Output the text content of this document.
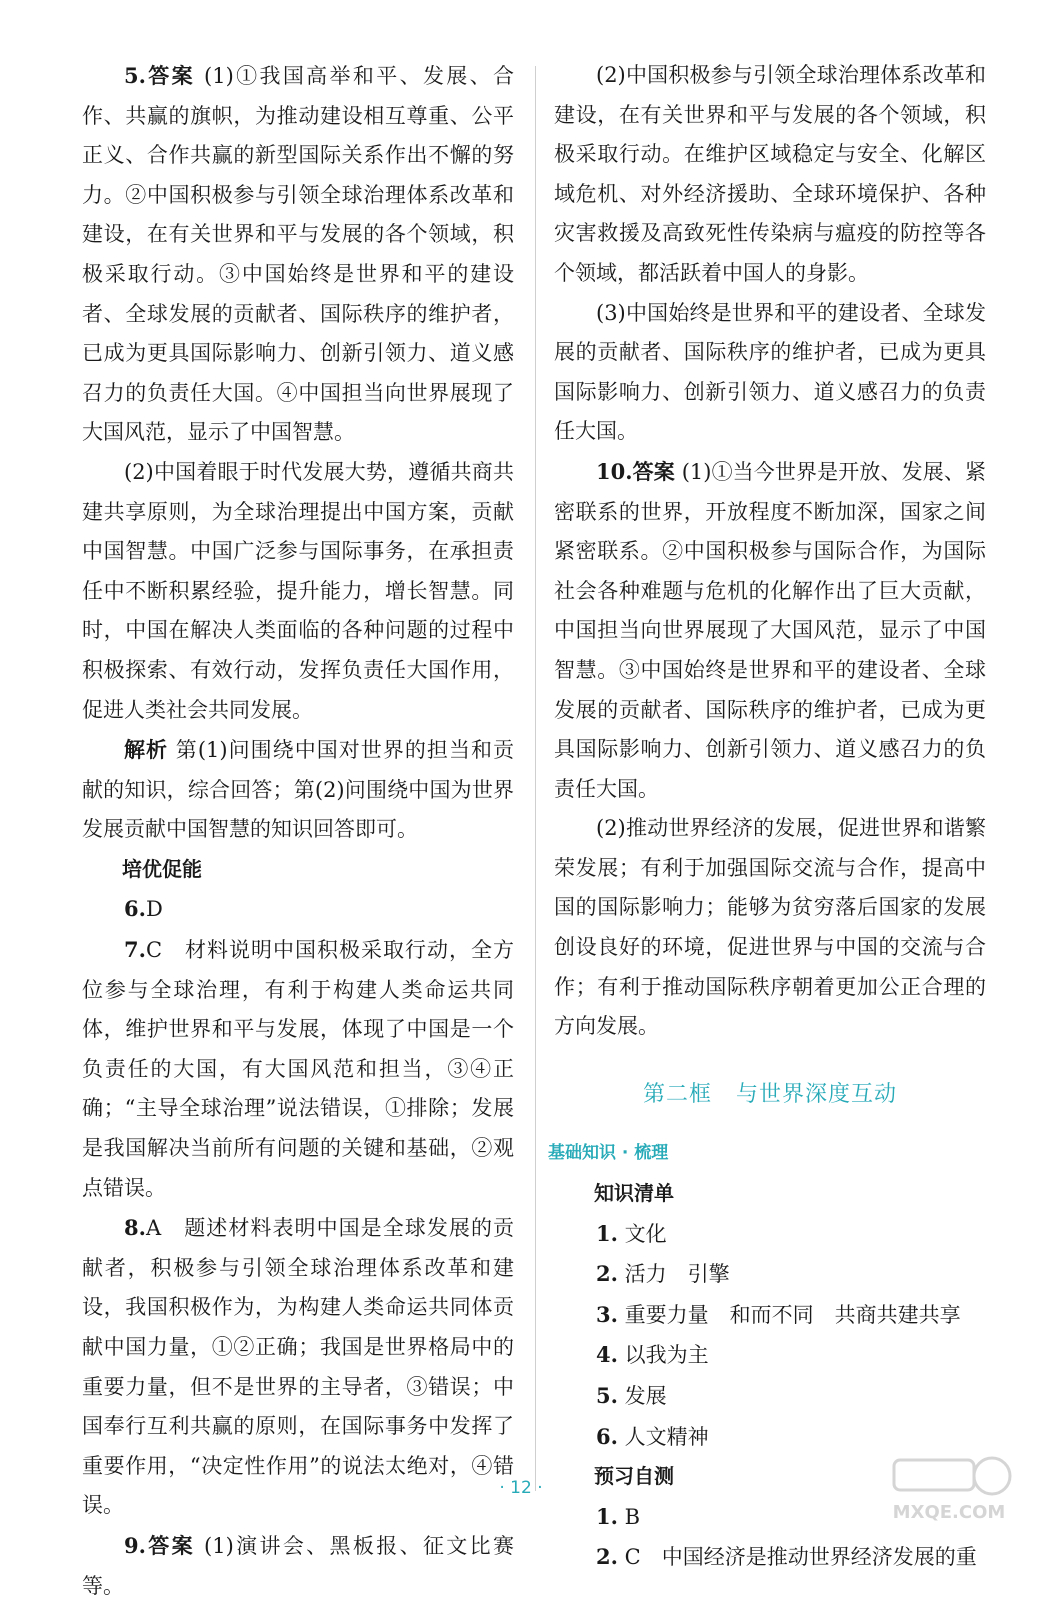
5.答案 (1)①我国高举和平、发展、合作、共赢的旗帜，为推动建设相互尊重、公平正义、合作共赢的新型国际关系作出不懈的努力。②中国积极参与引领全球治理体系改革和建设，在有关世界和平与发展的各个领域，积极采取行动。③中国始终是世界和平的建设者、全球发展的贡献者、国际秩序的维护者，已成为更具国际影响力、创新引领力、道义感召力的负责任大国。④中国担当向世界展现了大国风范，显示了中国智慧。

(2)中国着眼于时代发展大势，遵循共商共建共享原则，为全球治理提出中国方案，贡献中国智慧。中国广泛参与国际事务，在承担责任中不断积累经验，提升能力，增长智慧。同时，中国在解决人类面临的各种问题的过程中积极探索、有效行动，发挥负责任大国作用，促进人类社会共同发展。

解析 第(1)问围绕中国对世界的担当和贡献的知识，综合回答；第(2)问围绕中国为世界发展贡献中国智慧的知识回答即可。

培优促能

6.D

7.C　 材料说明中国积极采取行动，全方位参与全球治理，有利于构建人类命运共同体，维护世界和平与发展，体现了中国是一个负责任的大国，有大国风范和担当，③④正确；“主导全球治理”说法错误，①排除；发展是我国解决当前所有问题的关键和基础，②观点错误。

8.A　 题述材料表明中国是全球发展的贡献者，积极参与引领全球治理体系改革和建设，我国积极作为，为构建人类命运共同体贡献中国力量，①②正确；我国是世界格局中的重要力量，但不是世界的主导者，③错误；中国奉行互利共赢的原则，在国际事务中发挥了重要作用，“决定性作用”的说法太绝对，④错误。

9.答案 (1)演讲会、黑板报、征文比赛等。

(2)中国积极参与引领全球治理体系改革和建设，在有关世界和平与发展的各个领域，积极采取行动。在维护区域稳定与安全、化解区域危机、对外经济援助、全球环境保护、各种灾害救援及高致死性传染病与瘟疫的防控等各个领域，都活跃着中国人的身影。

(3)中国始终是世界和平的建设者、全球发展的贡献者、国际秩序的维护者，已成为更具国际影响力、创新引领力、道义感召力的负责任大国。

10.答案 (1)①当今世界是开放、发展、紧密联系的世界，开放程度不断加深，国家之间紧密联系。②中国积极参与国际合作，为国际社会各种难题与危机的化解作出了巨大贡献，中国担当向世界展现了大国风范，显示了中国智慧。③中国始终是世界和平的建设者、全球发展的贡献者、国际秩序的维护者，已成为更具国际影响力、创新引领力、道义感召力的负责任大国。

(2)推动世界经济的发展，促进世界和谐繁荣发展；有利于加强国际交流与合作，提高中国的国际影响力；能够为贫穷落后国家的发展创设良好的环境，促进世界与中国的交流与合作；有利于推动国际秩序朝着更加公正合理的方向发展。

第二框 与世界深度互动

基础知识 · 梳理

知识清单

1. 文化

2. 活力　引擎

3. 重要力量　和而不同　共商共建共享

4. 以我为主

5. 发展

6. 人文精神

预习自测

1. B

2. C　中国经济是推动世界经济发展的重

· 12 ·
MXQE.COM
